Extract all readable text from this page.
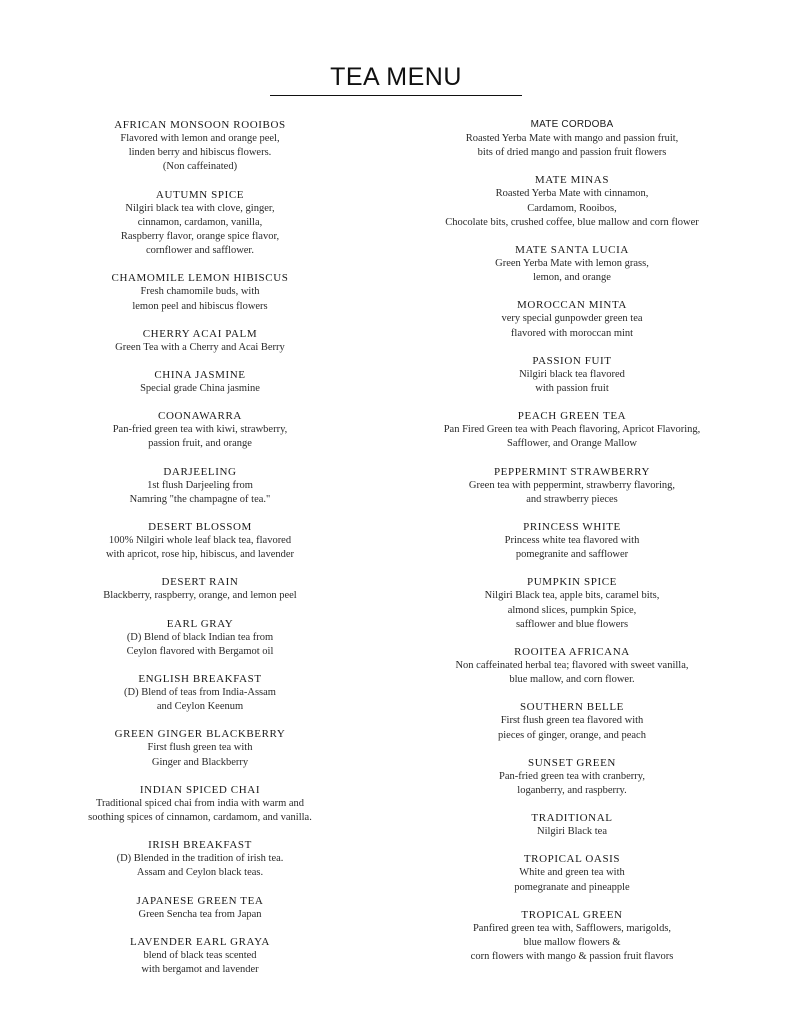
TEA MENU
AFRICAN MONSOON ROOIBOS
Flavored with lemon and orange peel,
linden berry and hibiscus flowers.
(Non caffeinated)
AUTUMN SPICE
Nilgiri black tea with clove, ginger,
cinnamon, cardamon, vanilla,
Raspberry flavor, orange spice flavor,
cornflower and safflower.
CHAMOMILE LEMON HIBISCUS
Fresh chamomile buds, with
lemon peel and hibiscus flowers
CHERRY ACAI PALM
Green Tea with a Cherry and Acai Berry
CHINA JASMINE
Special grade China jasmine
COONAWARRA
Pan-fried green tea with kiwi, strawberry,
passion fruit, and orange
DARJEELING
1st flush Darjeeling from
Namring "the champagne of tea."
DESERT BLOSSOM
100% Nilgiri whole leaf black tea, flavored
with apricot, rose hip, hibiscus, and lavender
DESERT RAIN
Blackberry, raspberry, orange, and lemon peel
EARL GRAY
(D) Blend of black Indian tea from
Ceylon flavored with Bergamot oil
ENGLISH BREAKFAST
(D) Blend of teas from India-Assam
and Ceylon Keenum
GREEN GINGER BLACKBERRY
First flush green tea with
Ginger and Blackberry
INDIAN SPICED CHAI
Traditional spiced chai from india with warm and
soothing spices of cinnamon, cardamom, and vanilla.
IRISH BREAKFAST
(D) Blended in the tradition of irish tea.
Assam and Ceylon black teas.
JAPANESE GREEN TEA
Green Sencha tea from Japan
LAVENDER EARL GRAYA
blend of black teas scented
with bergamot and lavender
MATE CORDOBA
Roasted Yerba Mate with mango and passion fruit,
bits of dried mango and passion fruit flowers
MATE MINAS
Roasted Yerba Mate with cinnamon,
Cardamom, Rooibos,
Chocolate bits, crushed coffee, blue mallow and corn flower
MATE SANTA LUCIA
Green Yerba Mate with lemon grass,
lemon, and orange
MOROCCAN MINTA
very special gunpowder green tea
flavored with moroccan mint
PASSION FUIT
Nilgiri black tea flavored
with passion fruit
PEACH GREEN TEA
Pan Fired Green tea with Peach flavoring, Apricot Flavoring,
Safflower, and Orange Mallow
PEPPERMINT STRAWBERRY
Green tea with peppermint, strawberry flavoring,
and strawberry pieces
PRINCESS WHITE
Princess white tea flavored with
pomegranite and safflower
PUMPKIN SPICE
Nilgiri Black tea, apple bits, caramel bits,
almond slices, pumpkin Spice,
safflower and blue flowers
ROOITEA AFRICANA
Non caffeinated herbal tea; flavored with sweet vanilla,
blue mallow, and corn flower.
SOUTHERN BELLE
First flush green tea flavored with
pieces of ginger, orange, and peach
SUNSET GREEN
Pan-fried green tea with cranberry,
loganberry, and raspberry.
TRADITIONAL
Nilgiri Black tea
TROPICAL OASIS
White and green tea with
pomegranate and pineapple
TROPICAL GREEN
Panfired green tea with, Safflowers, marigolds,
blue mallow flowers &
corn flowers with mango & passion fruit flavors
